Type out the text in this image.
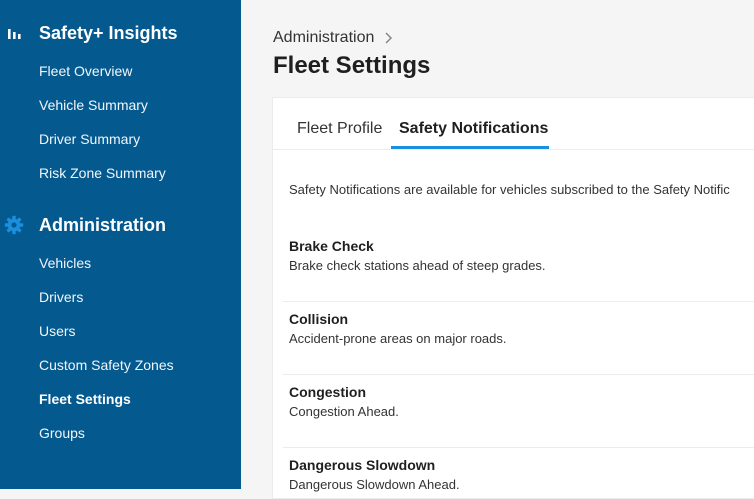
Safety+ Insights
Fleet Overview
Vehicle Summary
Driver Summary
Risk Zone Summary
Administration
Vehicles
Drivers
Users
Custom Safety Zones
Fleet Settings
Groups
Administration
Fleet Settings
Fleet Profile Safety Notifications
Safety Notifications are available for vehicles subscribed to the Safety Notific
Brake Check
Brake check stations ahead of steep grades.
Collision
Accident-prone areas on major roads.
Congestion
Congestion Ahead.
Dangerous Slowdown
Dangerous Slowdown Ahead.
